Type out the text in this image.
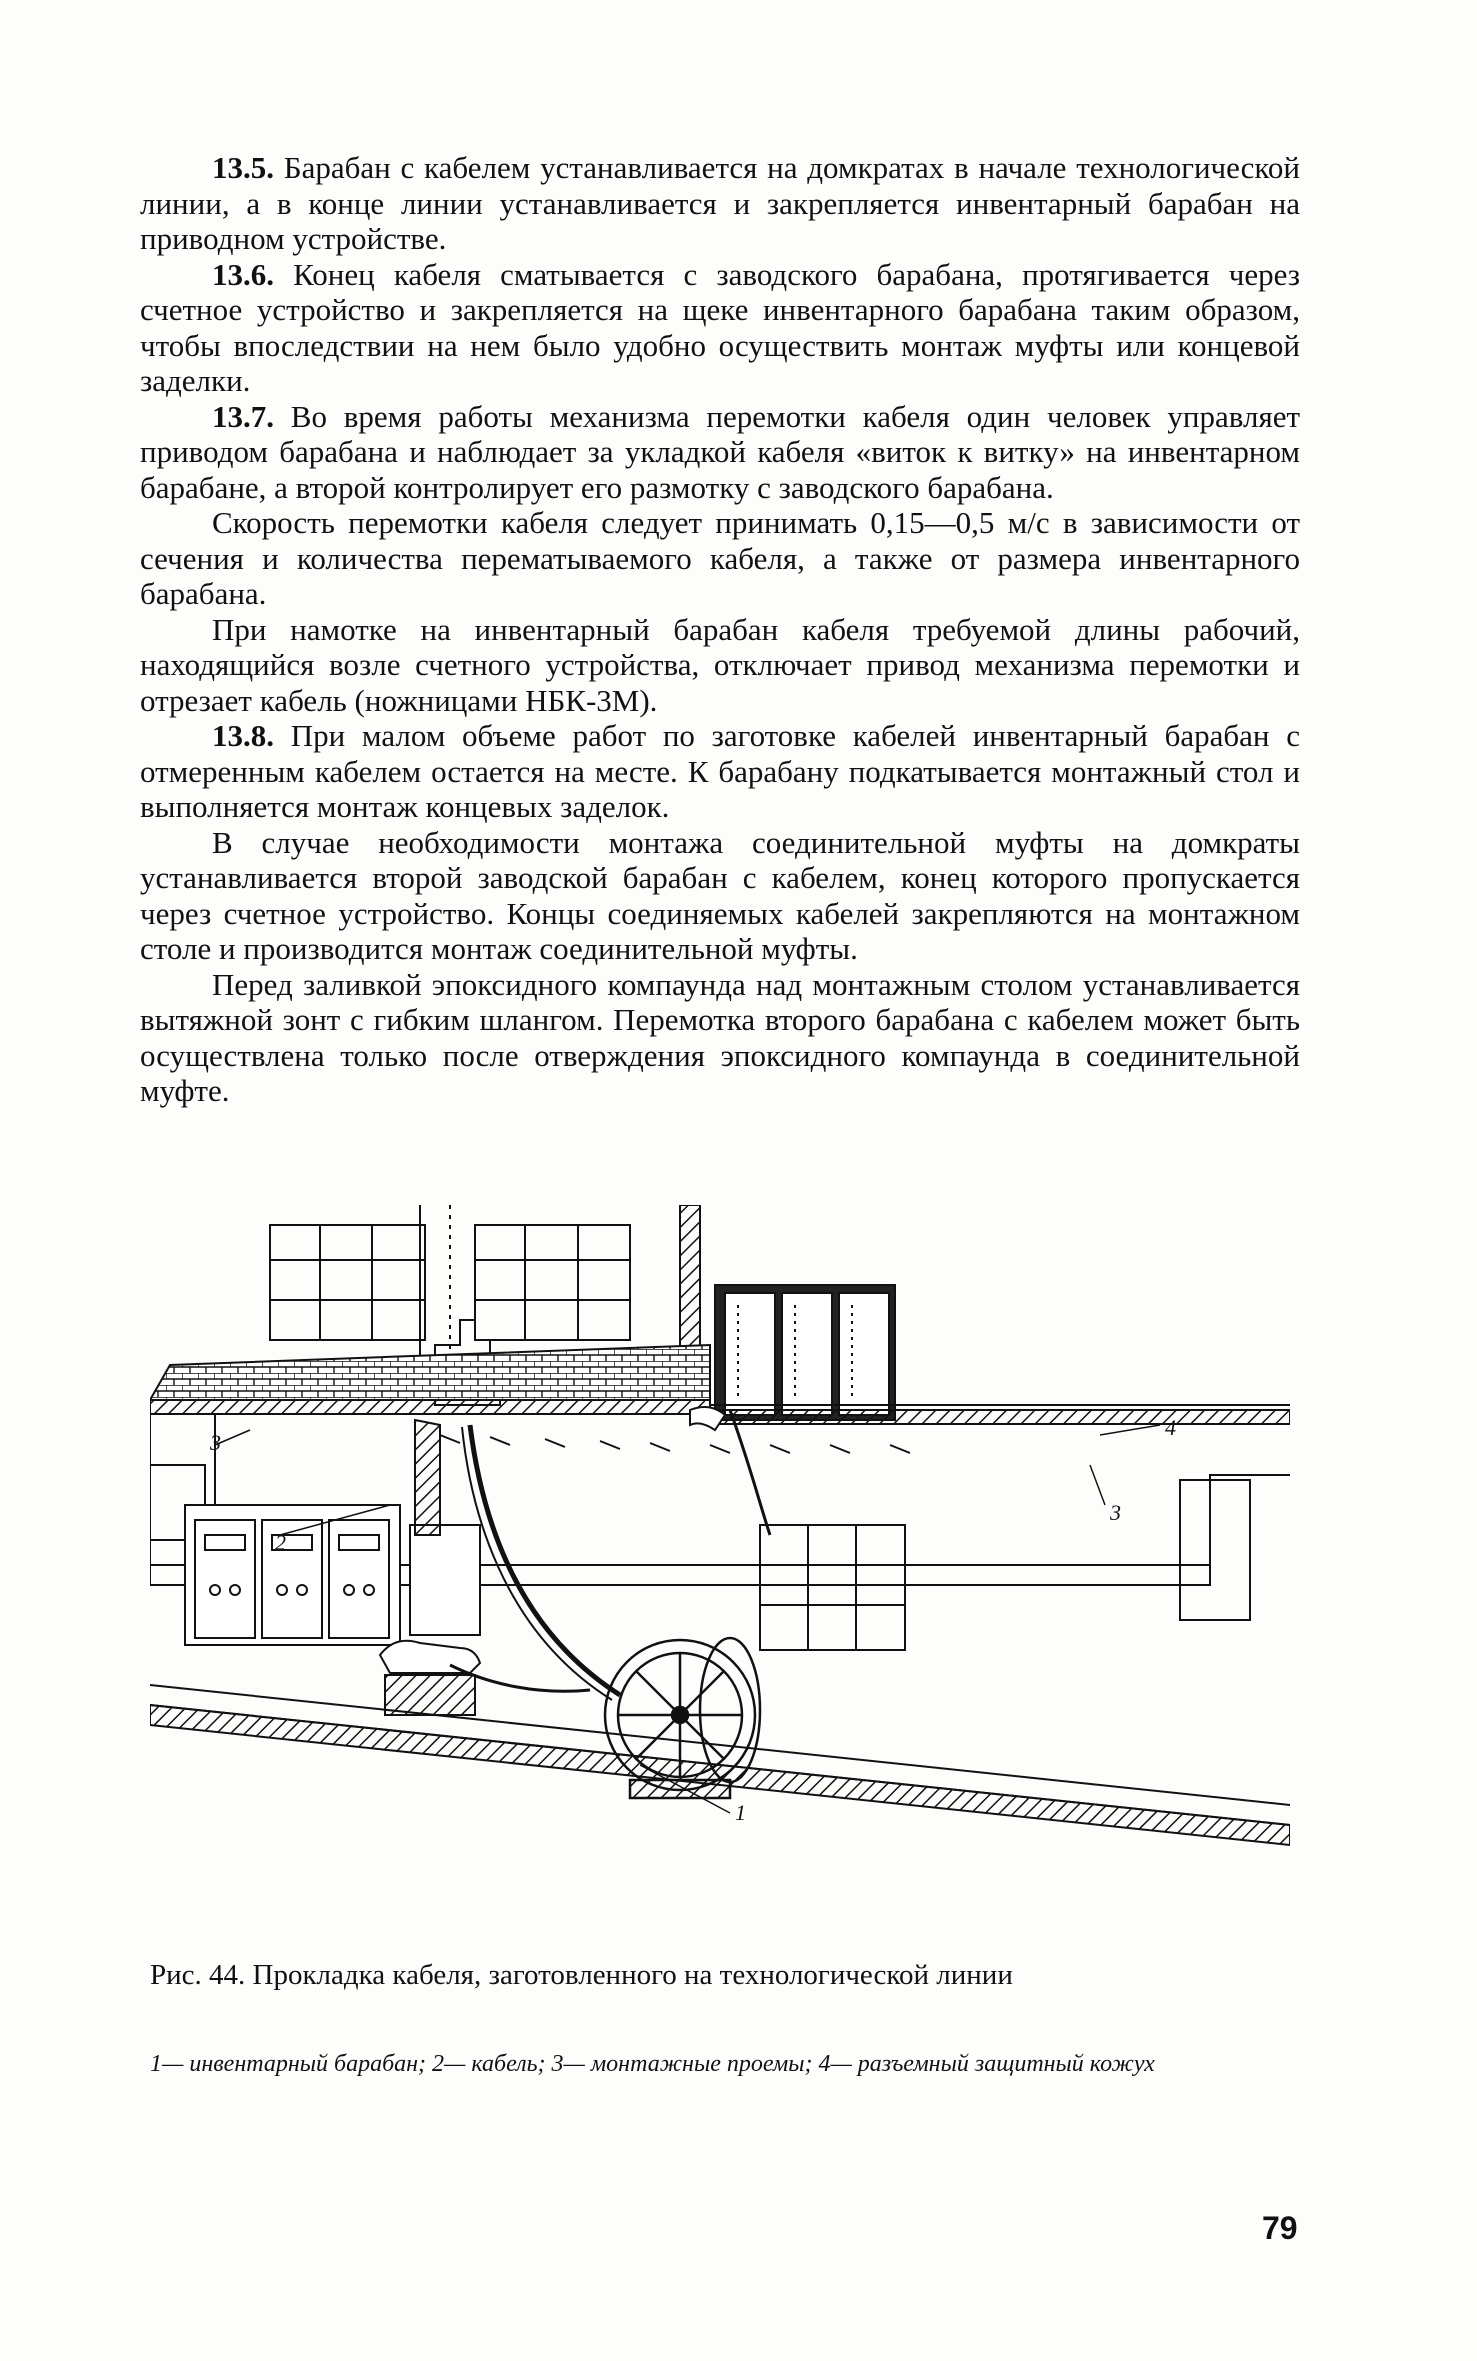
13.5. Барабан с кабелем устанавливается на домкратах в начале технологической линии, а в конце линии устанавливается и закрепляется инвентарный барабан на приводном устройстве.

13.6. Конец кабеля сматывается с заводского барабана, протягивается через счетное устройство и закрепляется на щеке инвентарного барабана таким образом, чтобы впоследствии на нем было удобно осуществить монтаж муфты или концевой заделки.

13.7. Во время работы механизма перемотки кабеля один человек управляет приводом барабана и наблюдает за укладкой кабеля «виток к витку» на инвентарном барабане, а второй контролирует его размотку с заводского барабана.

Скорость перемотки кабеля следует принимать 0,15—0,5 м/с в зависимости от сечения и количества перематываемого кабеля, а также от размера инвентарного барабана.

При намотке на инвентарный барабан кабеля требуемой длины рабочий, находящийся возле счетного устройства, отключает привод механизма перемотки и отрезает кабель (ножницами НБК-3М).

13.8. При малом объеме работ по заготовке кабелей инвентарный барабан с отмеренным кабелем остается на месте. К барабану подкатывается монтажный стол и выполняется монтаж концевых заделок.

В случае необходимости монтажа соединительной муфты на домкраты устанавливается второй заводской барабан с кабелем, конец которого пропускается через счетное устройство. Концы соединяемых кабелей закрепляются на монтажном столе и производится монтаж соединительной муфты.

Перед заливкой эпоксидного компаунда над монтажным столом устанавливается вытяжной зонт с гибким шлангом. Перемотка второго барабана с кабелем может быть осуществлена только после отверждения эпоксидного компаунда в соединительной муфте.

1
2
3
3
4
Рис. 44. Прокладка кабеля, заготовленного на технологической линии
1— инвентарный барабан; 2— кабель; 3— монтажные проемы; 4— разъемный защитный кожух
79
